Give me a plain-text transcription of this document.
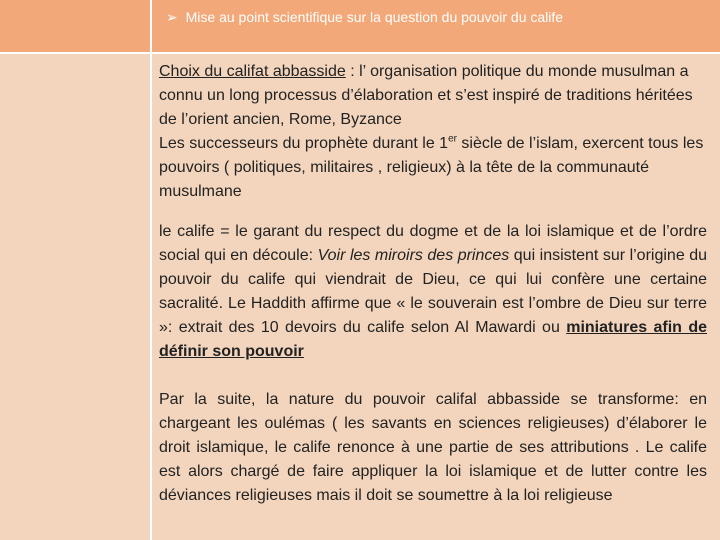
➢ Mise au point scientifique sur la question du pouvoir du calife

Choix du califat abbasside : l’ organisation politique du monde musulman a connu un long processus d’élaboration et s’est inspiré de traditions héritées de l’orient ancien, Rome, Byzance
Les successeurs du prophète durant le 1er siècle de l’islam, exercent tous les pouvoirs ( politiques, militaires , religieux) à la tête de la communauté musulmane

le calife = le garant du respect du dogme et de la loi islamique et de l’ordre social qui en découle: Voir les miroirs des princes qui insistent sur l’origine du pouvoir du calife qui viendrait de Dieu, ce qui lui confère une certaine sacralité. Le Haddith affirme que « le souverain est l’ombre de Dieu sur terre »: extrait des 10 devoirs du calife selon Al Mawardi ou miniatures afin de définir son pouvoir

Par la suite, la nature du pouvoir califal abbasside se transforme: en chargeant les oulémas ( les savants en sciences religieuses) d’élaborer le droit islamique, le calife renonce à une partie de ses attributions . Le calife est alors chargé de faire appliquer la loi islamique et de lutter contre les déviances religieuses mais il doit se soumettre à la loi religieuse
